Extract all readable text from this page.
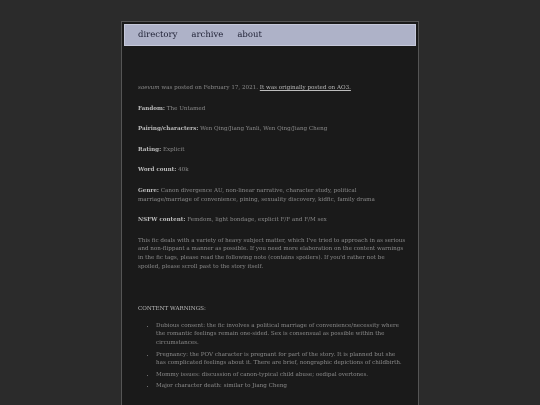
directory archive about
saevum was posted on February 17, 2021. It was originally posted on AO3.
Fandom: The Untamed
Pairing/characters: Wen Qing/Jiang Yanli, Wen Qing/Jiang Cheng
Rating: Explicit
Word count: 40k
Genre: Canon divergence AU, non-linear narrative, character study, political marriage/marriage of convenience, pining, sexuality discovery, kidfic, family drama
NSFW content: Femdom, light bondage, explicit F/F and F/M sex
This fic deals with a variety of heavy subject matter, which I've tried to approach in as serious and non-flippant a manner as possible. If you need more elaboration on the content warnings in the fic tags, please read the following note (contains spoilers). If you'd rather not be spoiled, please scroll past to the story itself.
CONTENT WARNINGS:
• Dubious consent: the fic involves a political marriage of convenience/necessity where the romantic feelings remain one-sided. Sex is consensual as possible within the circumstances.
• Pregnancy: the POV character is pregnant for part of the story. It is planned but she has complicated feelings about it. There are brief, nongraphic depictions of childbirth.
• Mommy issues: discussion of canon-typical child abuse; oedipal overtones.
• Major character death: similar to Jiang Cheng
